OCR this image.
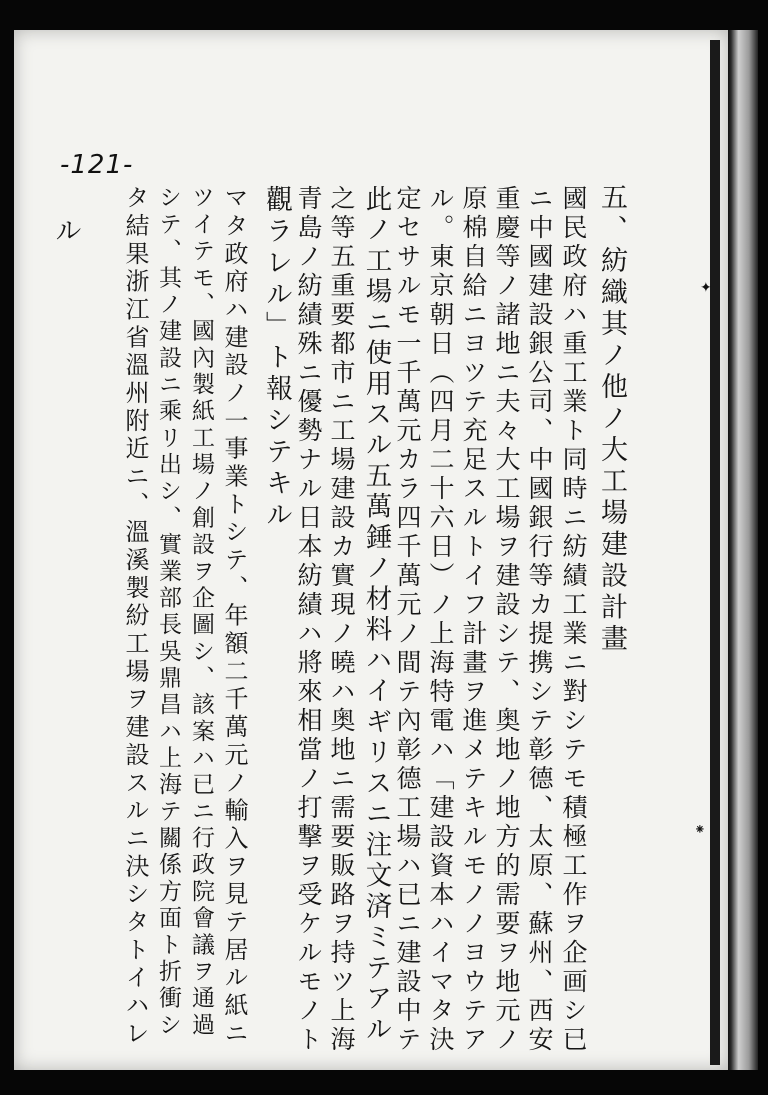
-121-
五、紡織其ノ他ノ大工場建設計畫
國民政府ハ重工業ト同時ニ紡績工業ニ對シテモ積極工作ヲ企画シ已
ニ中國建設銀公司、中國銀行等カ提携シテ彰德、太原、蘇州、西安
重慶等ノ諸地ニ夫々大工場ヲ建設シテ、奥地ノ地方的需要ヲ地元ノ
原棉自給ニヨツテ充足スルトイフ計畫ヲ進メテキルモノノヨウテア
ル。東京朝日（四月二十六日）ノ上海特電ハ「建設資本ハイマタ決
定セサルモ一千萬元カラ四千萬元ノ間テ內彰德工場ハ已ニ建設中テ
此ノ工場ニ使用スル五萬錘ノ材料ハイギリスニ注文済ミテアル
之等五重要都市ニ工場建設カ實現ノ曉ハ奥地ニ需要販路ヲ持ツ上海
青島ノ紡績殊ニ優勢ナル日本紡績ハ將來相當ノ打撃ヲ受ケルモノト
觀ラレル」ト報シテキル
マタ政府ハ建設ノ一事業トシテ、年額二千萬元ノ輸入ヲ見テ居ル紙ニ
ツイテモ、國內製紙工場ノ創設ヲ企圖シ、該案ハ已ニ行政院會議ヲ通過
シテ、其ノ建設ニ乘リ出シ、實業部長吳鼎昌ハ上海テ關係方面ト折衝シ
タ結果浙江省溫州附近ニ、溫溪製紛工場ヲ建設スルニ決シタトイハレ
ル
✦
⁕
